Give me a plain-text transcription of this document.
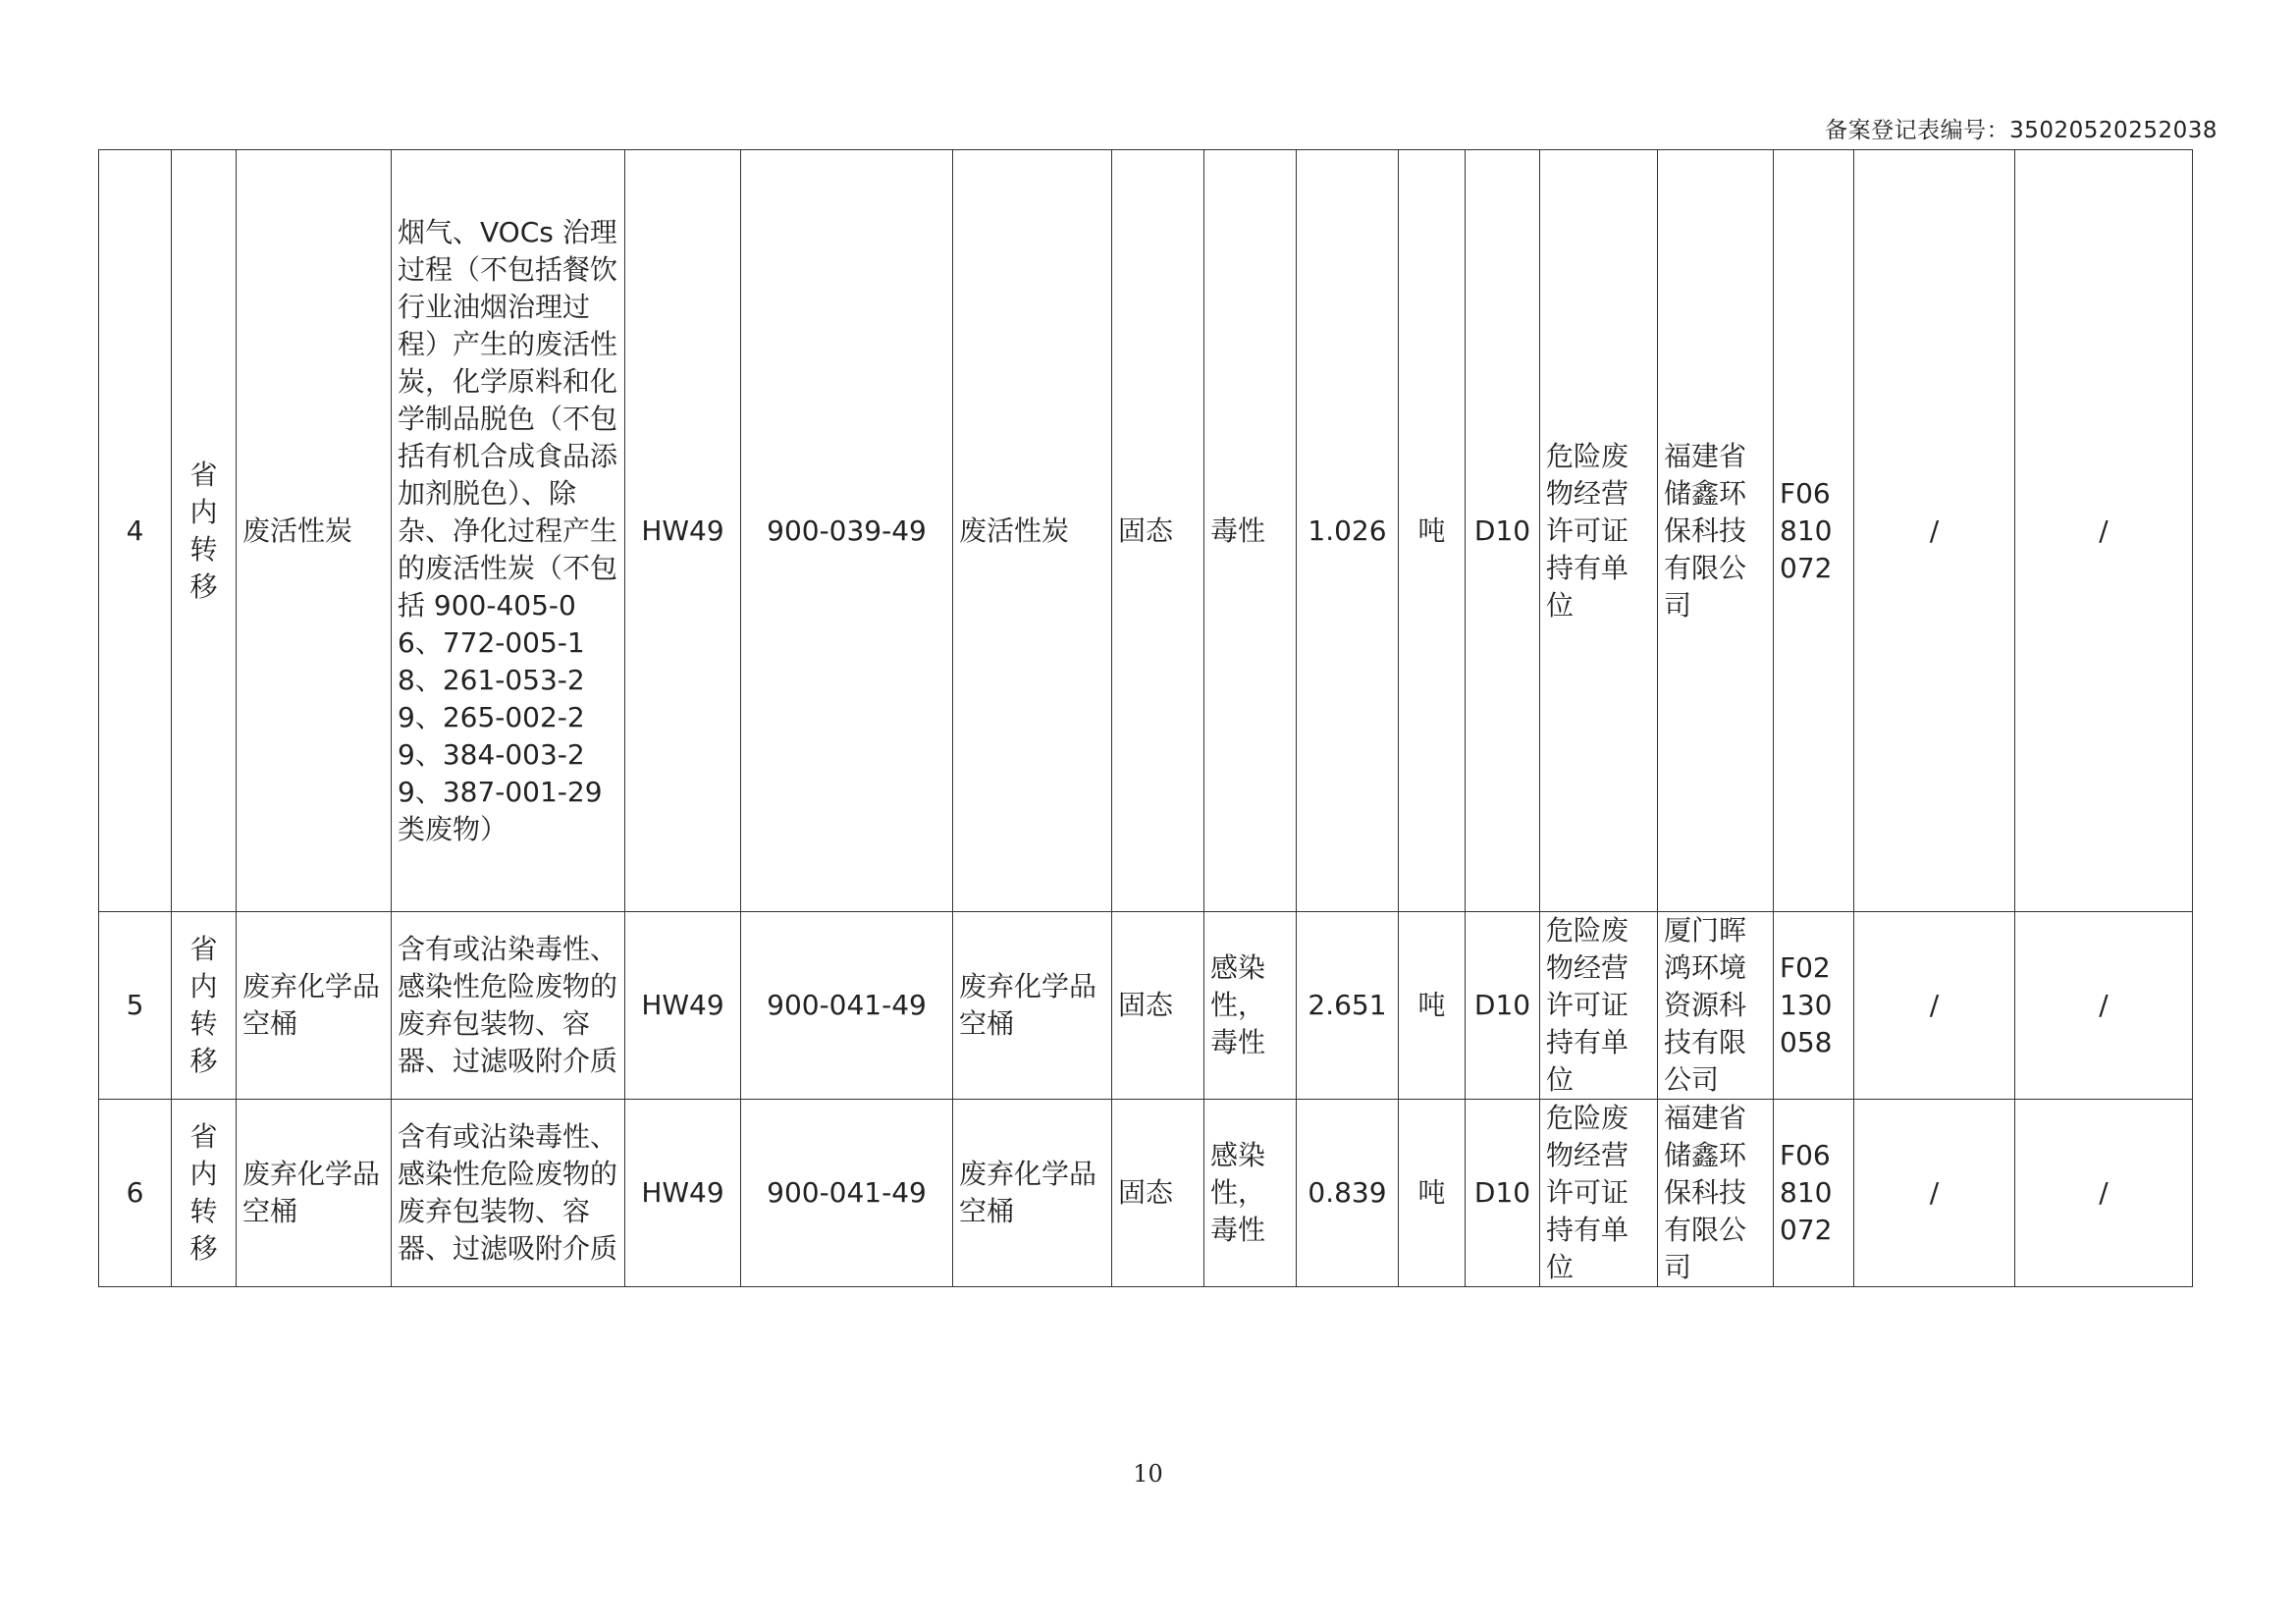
备案登记表编号：35020520252038
4	省内转移	废活性炭	烟气、VOCs 治理过程（不包括餐饮行业油烟治理过程）产生的废活性炭，化学原料和化学制品脱色（不包括有机合成食品添加剂脱色）、除杂、净化过程产生的废活性炭（不包括 900-405-06、772-005-18、261-053-29、265-002-29、384-003-29、387-001-29 类废物）	HW49	900-039-49	废活性炭	固态	毒性	1.026	吨	D10	危险废物经营许可证持有单位	福建省储鑫环保科技有限公司	F06810072	/	/
5	省内转移	废弃化学品空桶	含有或沾染毒性、感染性危险废物的废弃包装物、容器、过滤吸附介质	HW49	900-041-49	废弃化学品空桶	固态	感染性，毒性	2.651	吨	D10	危险废物经营许可证持有单位	厦门晖鸿环境资源科技有限公司	F02130058	/	/
6	省内转移	废弃化学品空桶	含有或沾染毒性、感染性危险废物的废弃包装物、容器、过滤吸附介质	HW49	900-041-49	废弃化学品空桶	固态	感染性，毒性	0.839	吨	D10	危险废物经营许可证持有单位	福建省储鑫环保科技有限公司	F06810072	/	/
10
